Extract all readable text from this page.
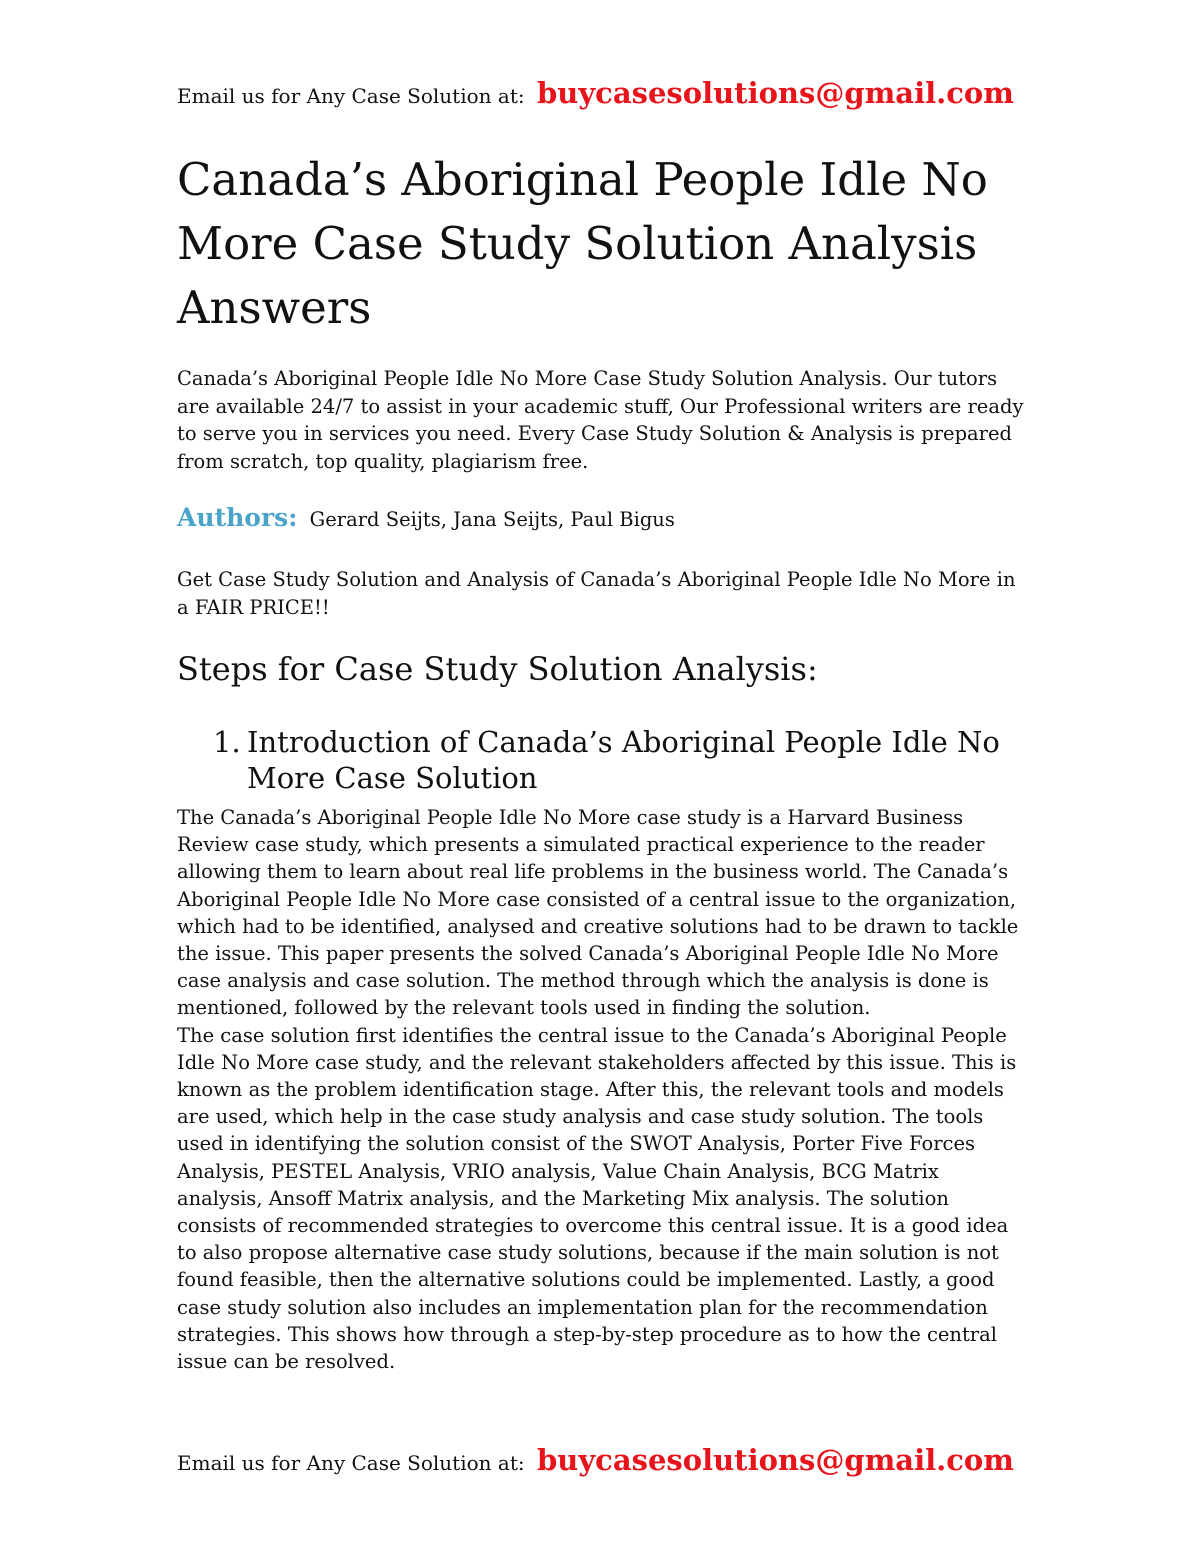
Email us for Any Case Solution at: buycasesolutions@gmail.com
Canada’s Aboriginal People Idle No
More Case Study Solution Analysis
Answers

Canada’s Aboriginal People Idle No More Case Study Solution Analysis. Our tutors are available 24/7 to assist in your academic stuff, Our Professional writers are ready to serve you in services you need. Every Case Study Solution & Analysis is prepared from scratch, top quality, plagiarism free.

Authors: Gerard Seijts, Jana Seijts, Paul Bigus

Get Case Study Solution and Analysis of Canada’s Aboriginal People Idle No More in a FAIR PRICE!!

Steps for Case Study Solution Analysis:
1. Introduction of Canada’s Aboriginal People Idle No
More Case Solution

The Canada’s Aboriginal People Idle No More case study is a Harvard Business Review case study, which presents a simulated practical experience to the reader allowing them to learn about real life problems in the business world. The Canada’s Aboriginal People Idle No More case consisted of a central issue to the organization, which had to be identified, analysed and creative solutions had to be drawn to tackle the issue. This paper presents the solved Canada’s Aboriginal People Idle No More case analysis and case solution. The method through which the analysis is done is mentioned, followed by the relevant tools used in finding the solution.

The case solution first identifies the central issue to the Canada’s Aboriginal People Idle No More case study, and the relevant stakeholders affected by this issue. This is known as the problem identification stage. After this, the relevant tools and models are used, which help in the case study analysis and case study solution. The tools used in identifying the solution consist of the SWOT Analysis, Porter Five Forces Analysis, PESTEL Analysis, VRIO analysis, Value Chain Analysis, BCG Matrix analysis, Ansoff Matrix analysis, and the Marketing Mix analysis. The solution consists of recommended strategies to overcome this central issue. It is a good idea to also propose alternative case study solutions, because if the main solution is not found feasible, then the alternative solutions could be implemented. Lastly, a good case study solution also includes an implementation plan for the recommendation strategies. This shows how through a step-by-step procedure as to how the central issue can be resolved.

Email us for Any Case Solution at: buycasesolutions@gmail.com
